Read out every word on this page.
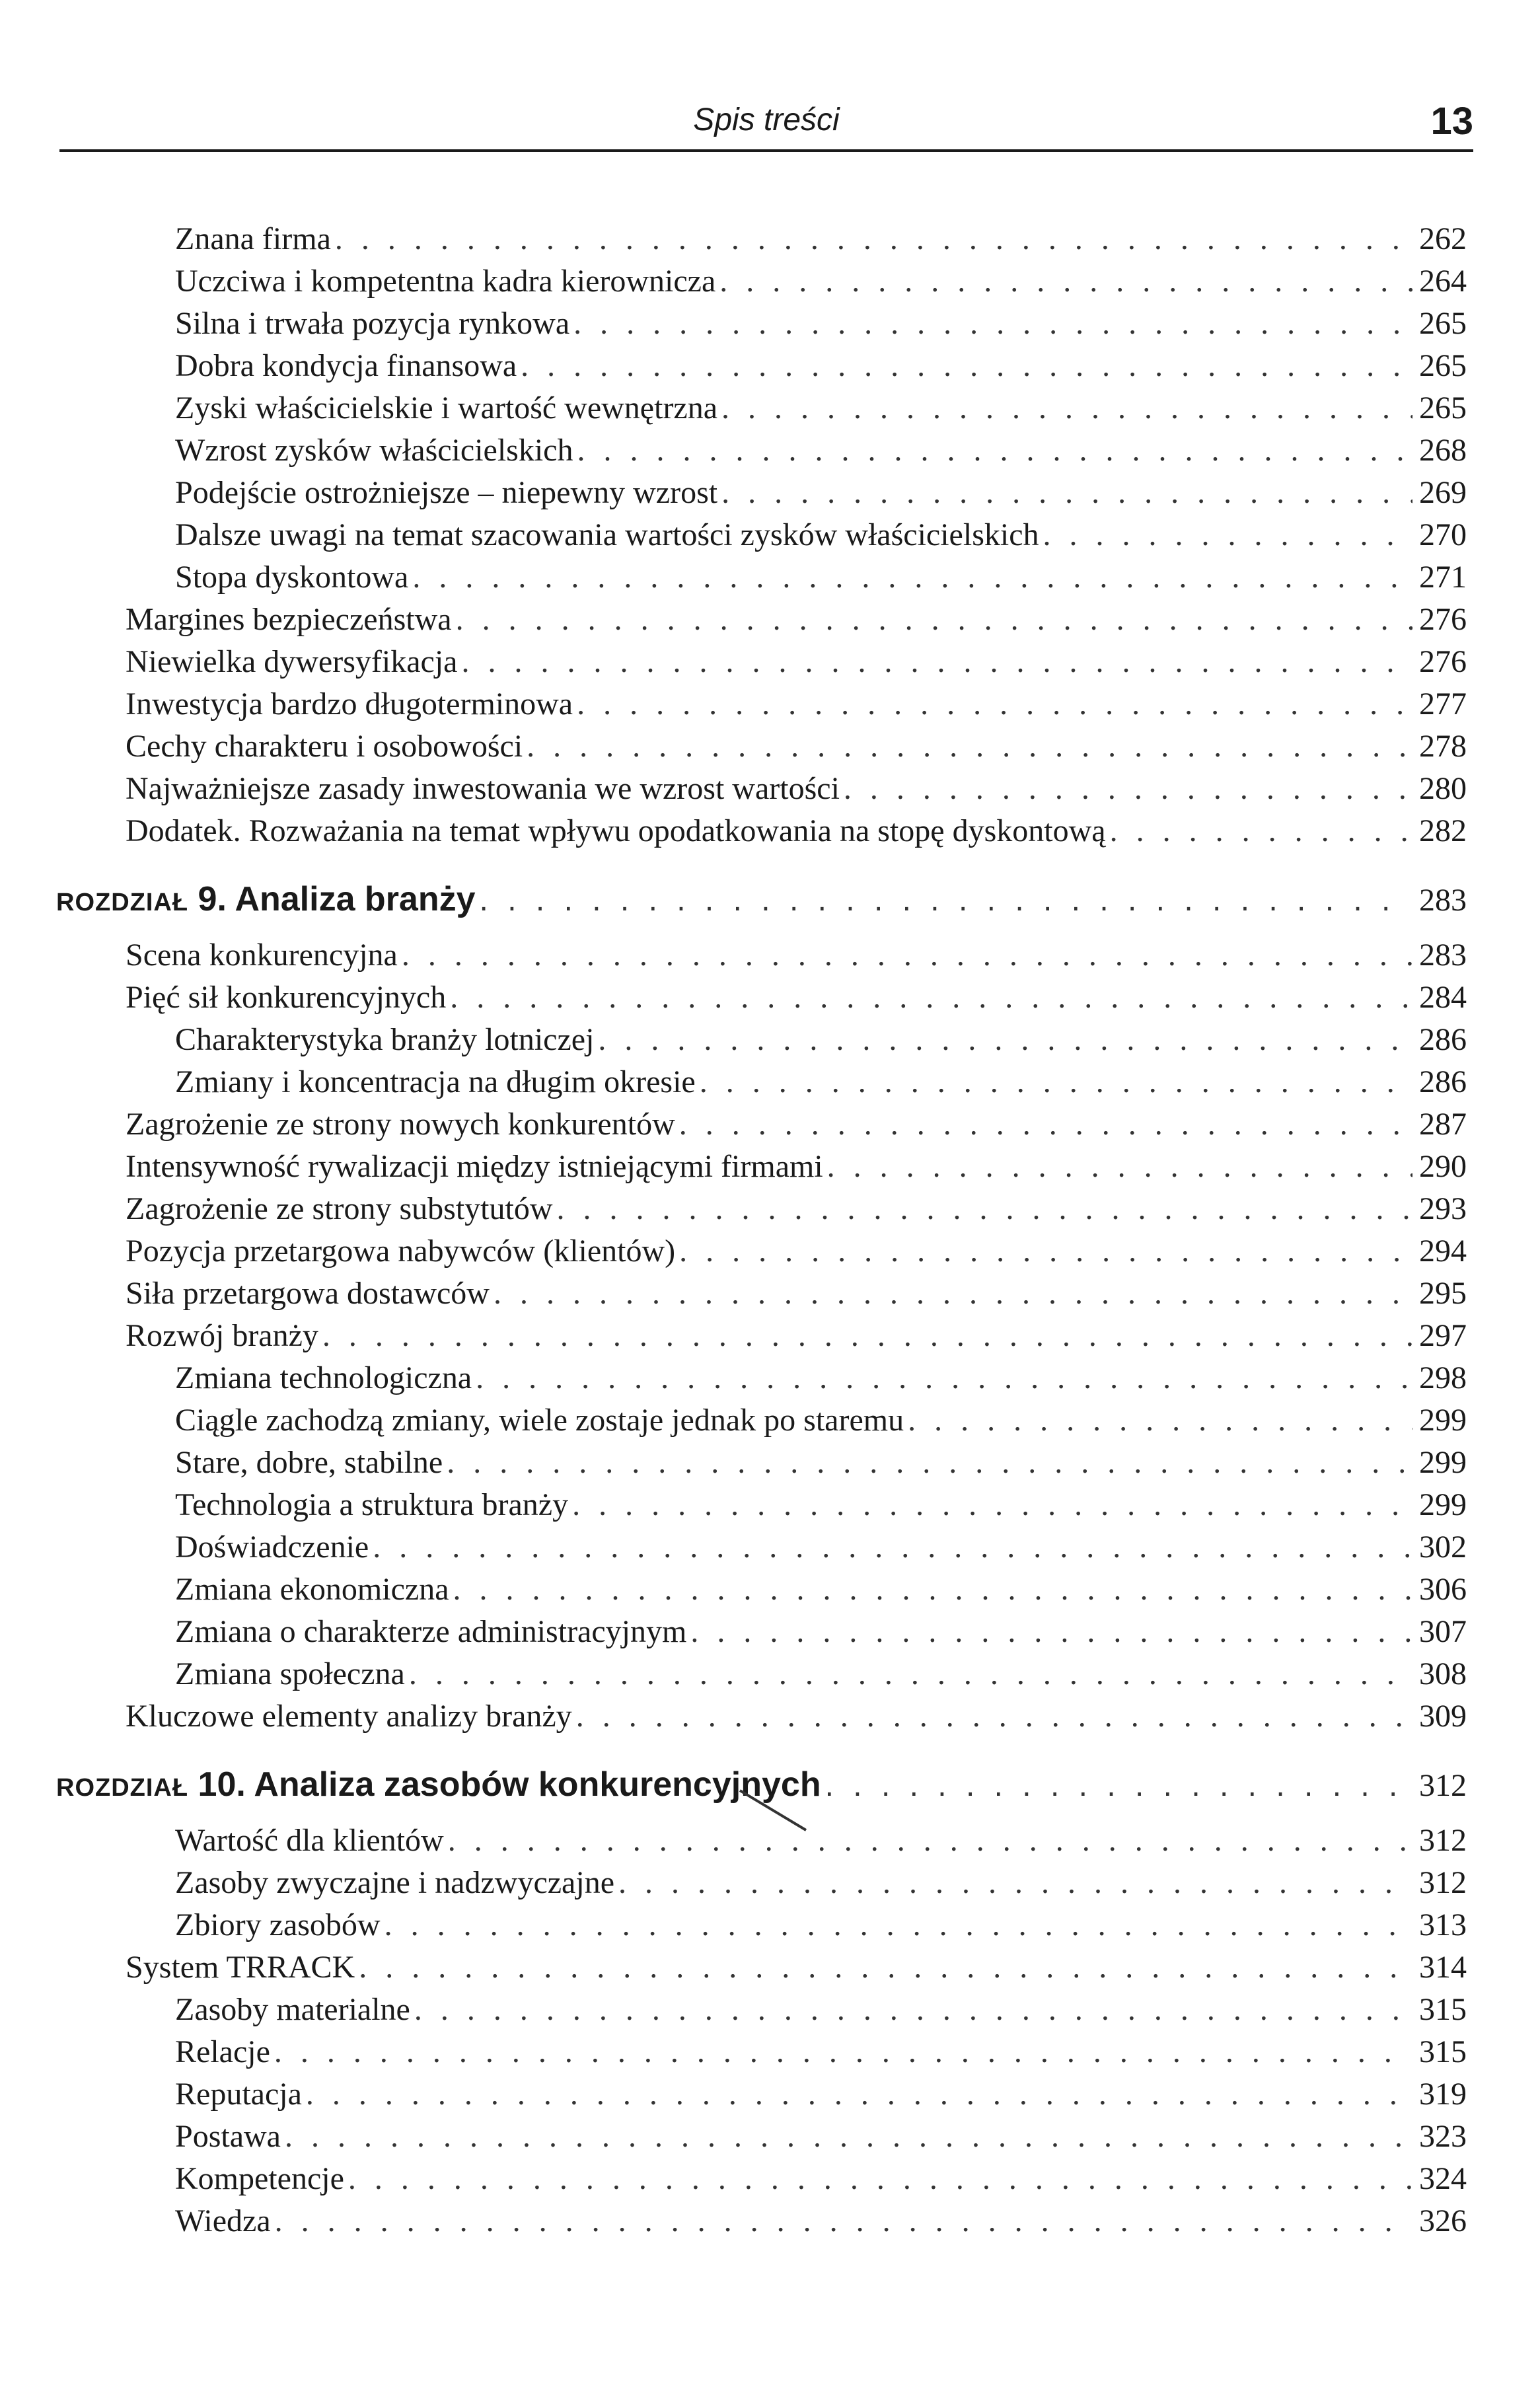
Spis treści	13
Znana firma . . .	262
Uczciwa i kompetentna kadra kierownicza . . .	264
Silna i trwała pozycja rynkowa . . .	265
Dobra kondycja finansowa . . .	265
Zyski właścicielskie i wartość wewnętrzna . . .	265
Wzrost zysków właścicielskich . . .	268
Podejście ostrożniejsze – niepewny wzrost . . .	269
Dalsze uwagi na temat szacowania wartości zysków właścicielskich . . .	270
Stopa dyskontowa . . .	271
Margines bezpieczeństwa . . .	276
Niewielka dywersyfikacja . . .	276
Inwestycja bardzo długoterminowa . . .	277
Cechy charakteru i osobowości . . .	278
Najważniejsze zasady inwestowania we wzrost wartości . . .	280
Dodatek. Rozważania na temat wpływu opodatkowania na stopę dyskontową . . .	282
ROZDZIAŁ 9. Analiza branży . . .	283
Scena konkurencyjna . . .	283
Pięć sił konkurencyjnych . . .	284
Charakterystyka branży lotniczej . . .	286
Zmiany i koncentracja na długim okresie . . .	286
Zagrożenie ze strony nowych konkurentów . . .	287
Intensywność rywalizacji między istniejącymi firmami . . .	290
Zagrożenie ze strony substytutów . . .	293
Pozycja przetargowa nabywców (klientów) . . .	294
Siła przetargowa dostawców . . .	295
Rozwój branży . . .	297
Zmiana technologiczna . . .	298
Ciągle zachodzą zmiany, wiele zostaje jednak po staremu . . .	299
Stare, dobre, stabilne . . .	299
Technologia a struktura branży . . .	299
Doświadczenie . . .	302
Zmiana ekonomiczna . . .	306
Zmiana o charakterze administracyjnym . . .	307
Zmiana społeczna . . .	308
Kluczowe elementy analizy branży . . .	309
ROZDZIAŁ 10. Analiza zasobów konkurencyjnych . . .	312
Wartość dla klientów . . .	312
Zasoby zwyczajne i nadzwyczajne . . .	312
Zbiory zasobów . . .	313
System TRRACK . . .	314
Zasoby materialne . . .	315
Relacje . . .	315
Reputacja . . .	319
Postawa . . .	323
Kompetencje . . .	324
Wiedza . . .	326
